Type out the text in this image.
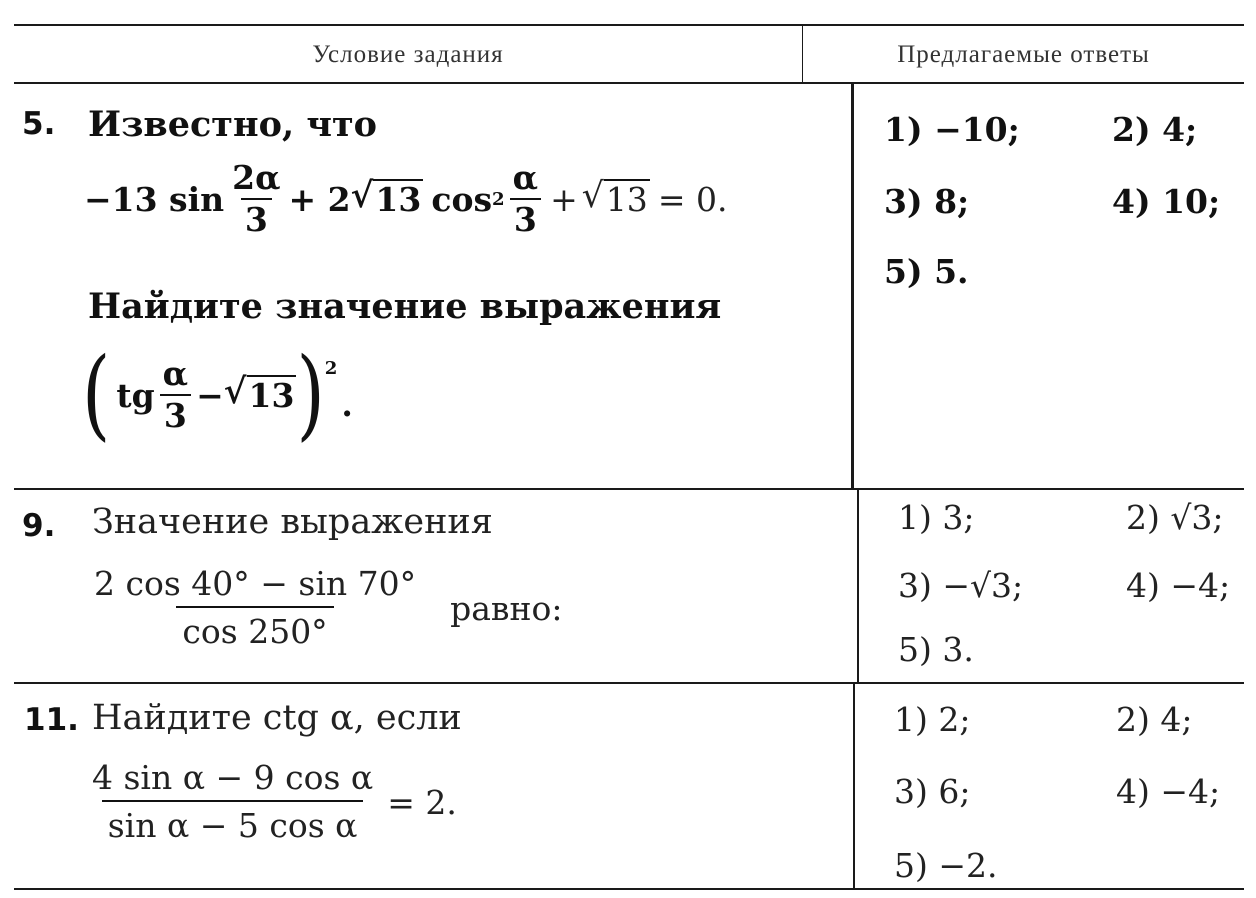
Условие задания	Предлагаемые ответы
5. Известно, что
−13 $\sin \frac{2\alpha}{3} + 2$ √ 13 $\cos 2 \frac{\alpha}{3}$ + √ 13 = 0.
Найдите значение выражения
( tg $\frac{\alpha}{3}$ − √ 13 )$^2$
.
1) −10;	2) 4;
3) 8;	4) 10;
5) 5.
9. Значение выражения
$\frac{2 \cos 40^\circ - \sin 70^\circ}{\cos 250^\circ}$ равно:
1) 3;	2) √3;
3) −√3;	4) −4;
5) 3.
11. Найдите ctg α, если
$\frac{\text{4 sin α − 9 cos α}}{\text{sin α − 5 cos α}} = 2$.
1) 2;	2) 4;
3) 6;	4) −4;
5) −2.
